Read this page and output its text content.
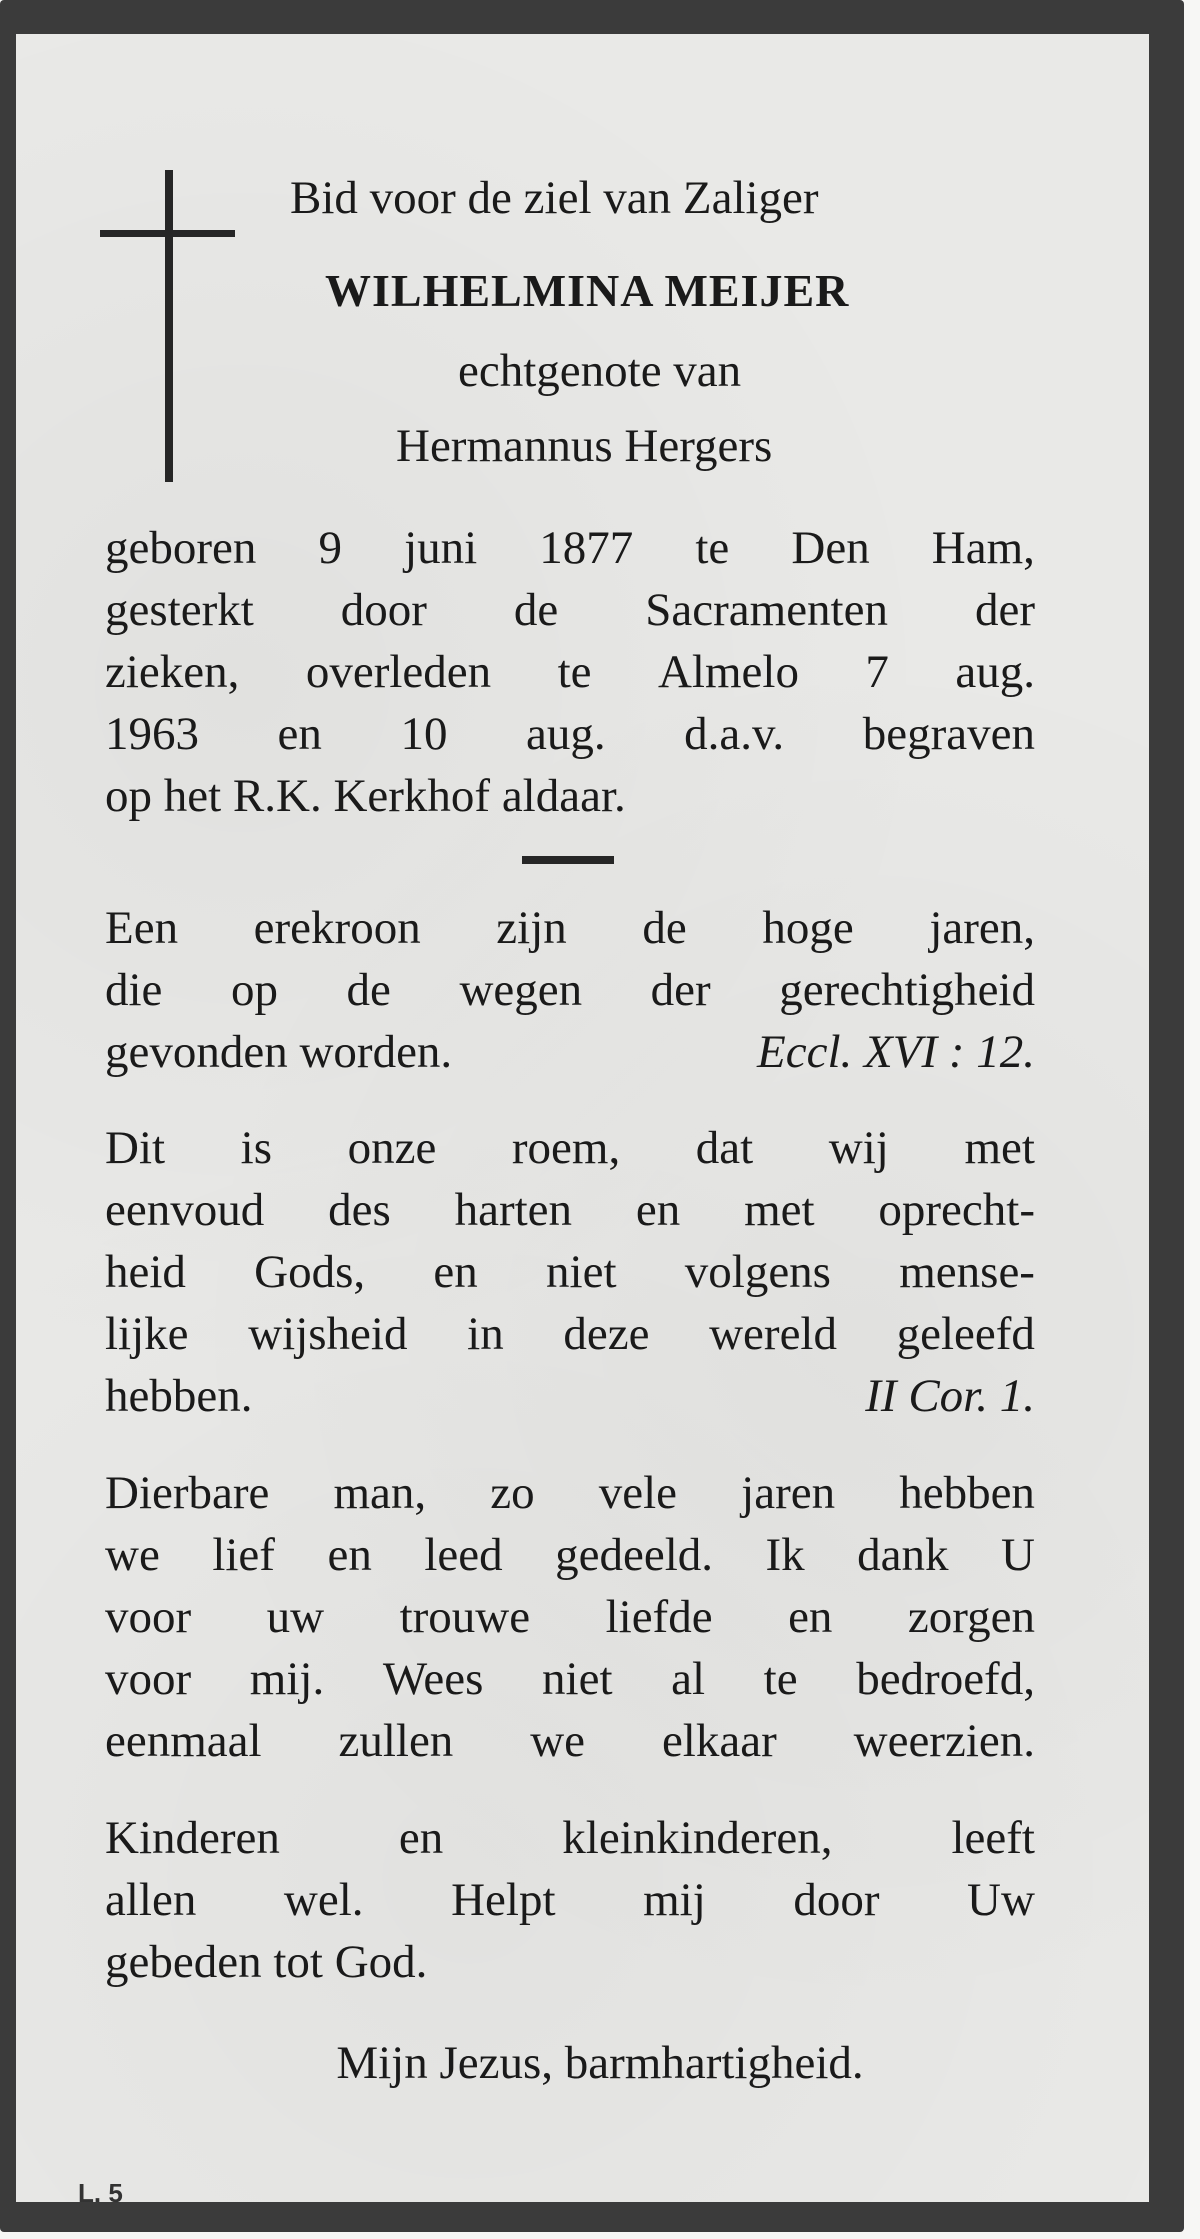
Bid voor de ziel van Zaliger

WILHELMINA MEIJER

echtgenote van

Hermannus Hergers

geboren 9 juni 1877 te Den Ham,

gesterkt door de Sacramenten der

zieken, overleden te Almelo 7 aug.

1963 en 10 aug. d.a.v. begraven

op het R.K. Kerkhof aldaar.

Een erekroon zijn de hoge jaren,

die op de wegen der gerechtigheid

gevonden worden.	Eccl. XVI : 12.

Dit is onze roem, dat wij met

eenvoud des harten en met oprecht-

heid Gods, en niet volgens mense-

lijke wijsheid in deze wereld geleefd

hebben.	II Cor. 1.

Dierbare man, zo vele jaren hebben

we lief en leed gedeeld. Ik dank U

voor uw trouwe liefde en zorgen

voor mij. Wees niet al te bedroefd,

eenmaal zullen we elkaar weerzien.

Kinderen	en	kleinkinderen,	leeft

allen wel. Helpt mij door Uw

gebeden tot God.

Mijn Jezus, barmhartigheid.

L. 5
